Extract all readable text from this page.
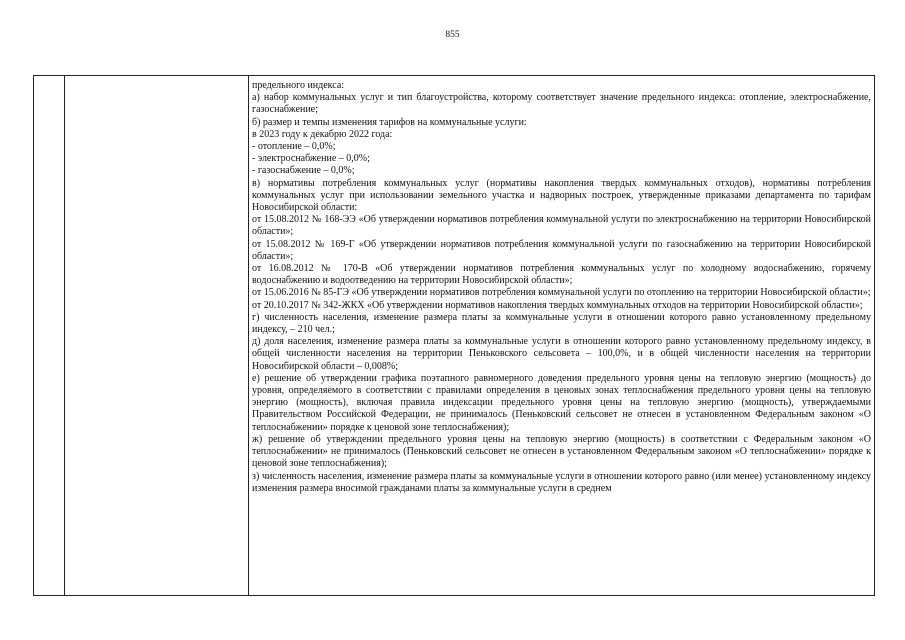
855

предельного индекса:

а) набор коммунальных услуг и тип благоустройства, которому соответствует значение предельного индекса: отопление, электроснабжение, газоснабжение;

б) размер и темпы изменения тарифов на коммунальные услуги:

в 2023 году к декабрю 2022 года:

- отопление – 0,0%;

- электроснабжение – 0,0%;

- газоснабжение – 0,0%;

в) нормативы потребления коммунальных услуг (нормативы накопления твердых коммунальных отходов), нормативы потребления коммунальных услуг при использовании земельного участка и надворных построек, утвержденные приказами департамента по тарифам Новосибирской области:

от 15.08.2012 № 168-ЭЭ «Об утверждении нормативов потребления коммунальной услуги по электроснабжению на территории Новосибирской области»;

от 15.08.2012 № 169-Г «Об утверждении нормативов потребления коммунальной услуги по газоснабжению на территории Новосибирской области»;

от 16.08.2012 № 170-В «Об утверждении нормативов потребления коммунальных услуг по холодному водоснабжению, горячему водоснабжению и водоотведению на территории Новосибирской области»;

от 15.06.2016 № 85-ГЭ «Об утверждении нормативов потребления коммунальной услуги по отоплению на территории Новосибирской области»;

от 20.10.2017 № 342-ЖКХ «Об утверждении нормативов накопления твердых коммунальных отходов на территории Новосибирской области»;

г) численность населения, изменение размера платы за коммунальные услуги в отношении которого равно установленному предельному индексу, – 210 чел.;

д) доля населения, изменение размера платы за коммунальные услуги в отношении которого равно установленному предельному индексу, в общей численности населения на территории Пеньковского сельсовета – 100,0%, и в общей численности населения на территории Новосибирской области – 0,008%;

е) решение об утверждении графика поэтапного равномерного доведения предельного уровня цены на тепловую энергию (мощность) до уровня, определяемого в соответствии с правилами определения в ценовых зонах теплоснабжения предельного уровня цены на тепловую энергию (мощность), включая правила индексации предельного уровня цены на тепловую энергию (мощность), утверждаемыми Правительством Российской Федерации, не принималось (Пеньковский сельсовет не отнесен в установленном Федеральным законом «О теплоснабжении» порядке к ценовой зоне теплоснабжения);

ж) решение об утверждении предельного уровня цены на тепловую энергию (мощность) в соответствии с Федеральным законом «О теплоснабжении» не принималось (Пеньковский сельсовет не отнесен в установленном Федеральным законом «О теплоснабжении» порядке к ценовой зоне теплоснабжения);

з) численность населения, изменение размера платы за коммунальные услуги в отношении которого равно (или менее) установленному индексу изменения размера вносимой гражданами платы за коммунальные услуги в среднем
